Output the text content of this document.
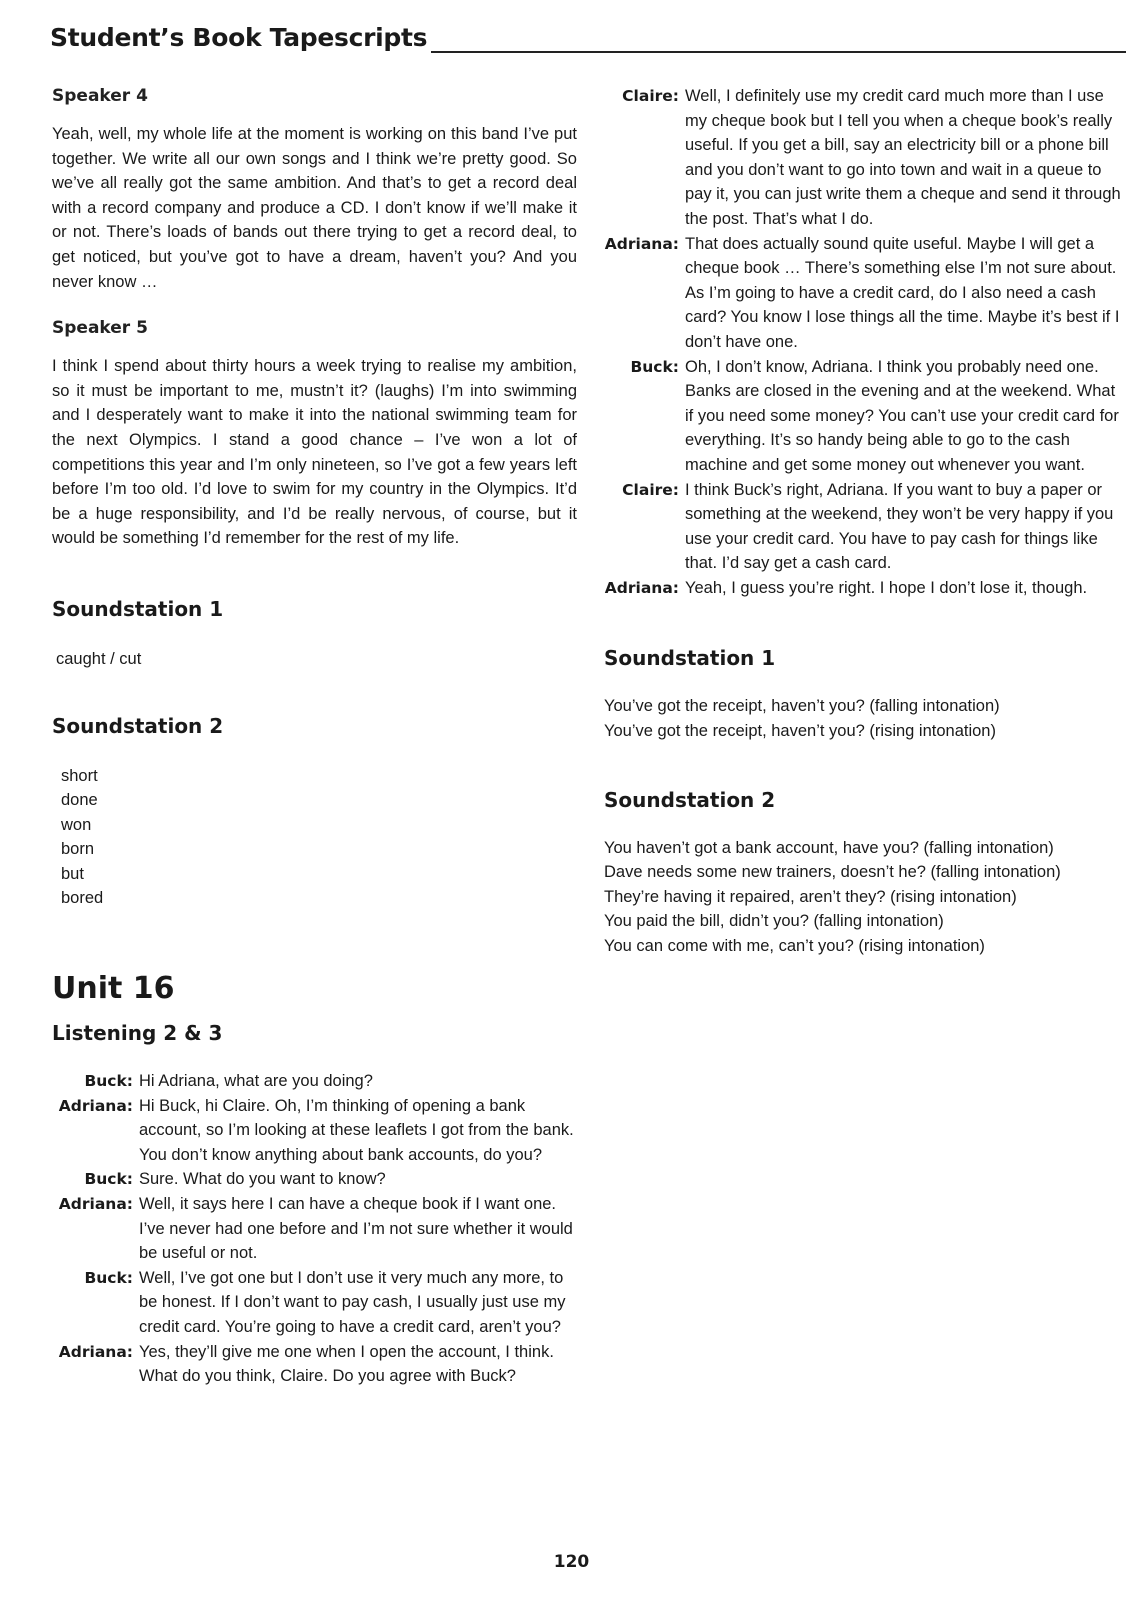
Student’s Book Tapescripts
Speaker 4

Yeah, well, my whole life at the moment is working on this band I’ve put together. We write all our own songs and I think we’re pretty good. So we’ve all really got the same ambition. And that’s to get a record deal with a record company and produce a CD. I don’t know if we’ll make it or not. There’s loads of bands out there trying to get a record deal, to get noticed, but you’ve got to have a dream, haven’t you? And you never know …

Speaker 5

I think I spend about thirty hours a week trying to realise my ambition, so it must be important to me, mustn’t it? (laughs) I’m into swimming and I desperately want to make it into the national swimming team for the next Olympics. I stand a good chance – I’ve won a lot of competitions this year and I’m only nineteen, so I’ve got a few years left before I’m too old. I’d love to swim for my country in the Olympics. It’d be a huge responsibility, and I’d be really nervous, of course, but it would be something I’d remember for the rest of my life.

Soundstation 1
caught / cut
Soundstation 2
short
done
won
born
but
bored
Unit 16
Listening 2 & 3
Buck: Hi Adriana, what are you doing?
Adriana: Hi Buck, hi Claire. Oh, I’m thinking of opening a bank account, so I’m looking at these leaflets I got from the bank. You don’t know anything about bank accounts, do you?
Buck: Sure. What do you want to know?
Adriana: Well, it says here I can have a cheque book if I want one. I’ve never had one before and I’m not sure whether it would be useful or not.
Buck: Well, I’ve got one but I don’t use it very much any more, to be honest. If I don’t want to pay cash, I usually just use my credit card. You’re going to have a credit card, aren’t you?
Adriana: Yes, they’ll give me one when I open the account, I think. What do you think, Claire. Do you agree with Buck?
Claire: Well, I definitely use my credit card much more than I use my cheque book but I tell you when a cheque book’s really useful. If you get a bill, say an electricity bill or a phone bill and you don’t want to go into town and wait in a queue to pay it, you can just write them a cheque and send it through the post. That’s what I do.
Adriana: That does actually sound quite useful. Maybe I will get a cheque book … There’s something else I’m not sure about. As I’m going to have a credit card, do I also need a cash card? You know I lose things all the time. Maybe it’s best if I don’t have one.
Buck: Oh, I don’t know, Adriana. I think you probably need one. Banks are closed in the evening and at the weekend. What if you need some money? You can’t use your credit card for everything. It’s so handy being able to go to the cash machine and get some money out whenever you want.
Claire: I think Buck’s right, Adriana. If you want to buy a paper or something at the weekend, they won’t be very happy if you use your credit card. You have to pay cash for things like that. I’d say get a cash card.
Adriana: Yeah, I guess you’re right. I hope I don’t lose it, though.
Soundstation 1
You’ve got the receipt, haven’t you? (falling intonation)
You’ve got the receipt, haven’t you? (rising intonation)
Soundstation 2
You haven’t got a bank account, have you? (falling intonation)
Dave needs some new trainers, doesn’t he? (falling intonation)
They’re having it repaired, aren’t they? (rising intonation)
You paid the bill, didn’t you? (falling intonation)
You can come with me, can’t you? (rising intonation)
120
